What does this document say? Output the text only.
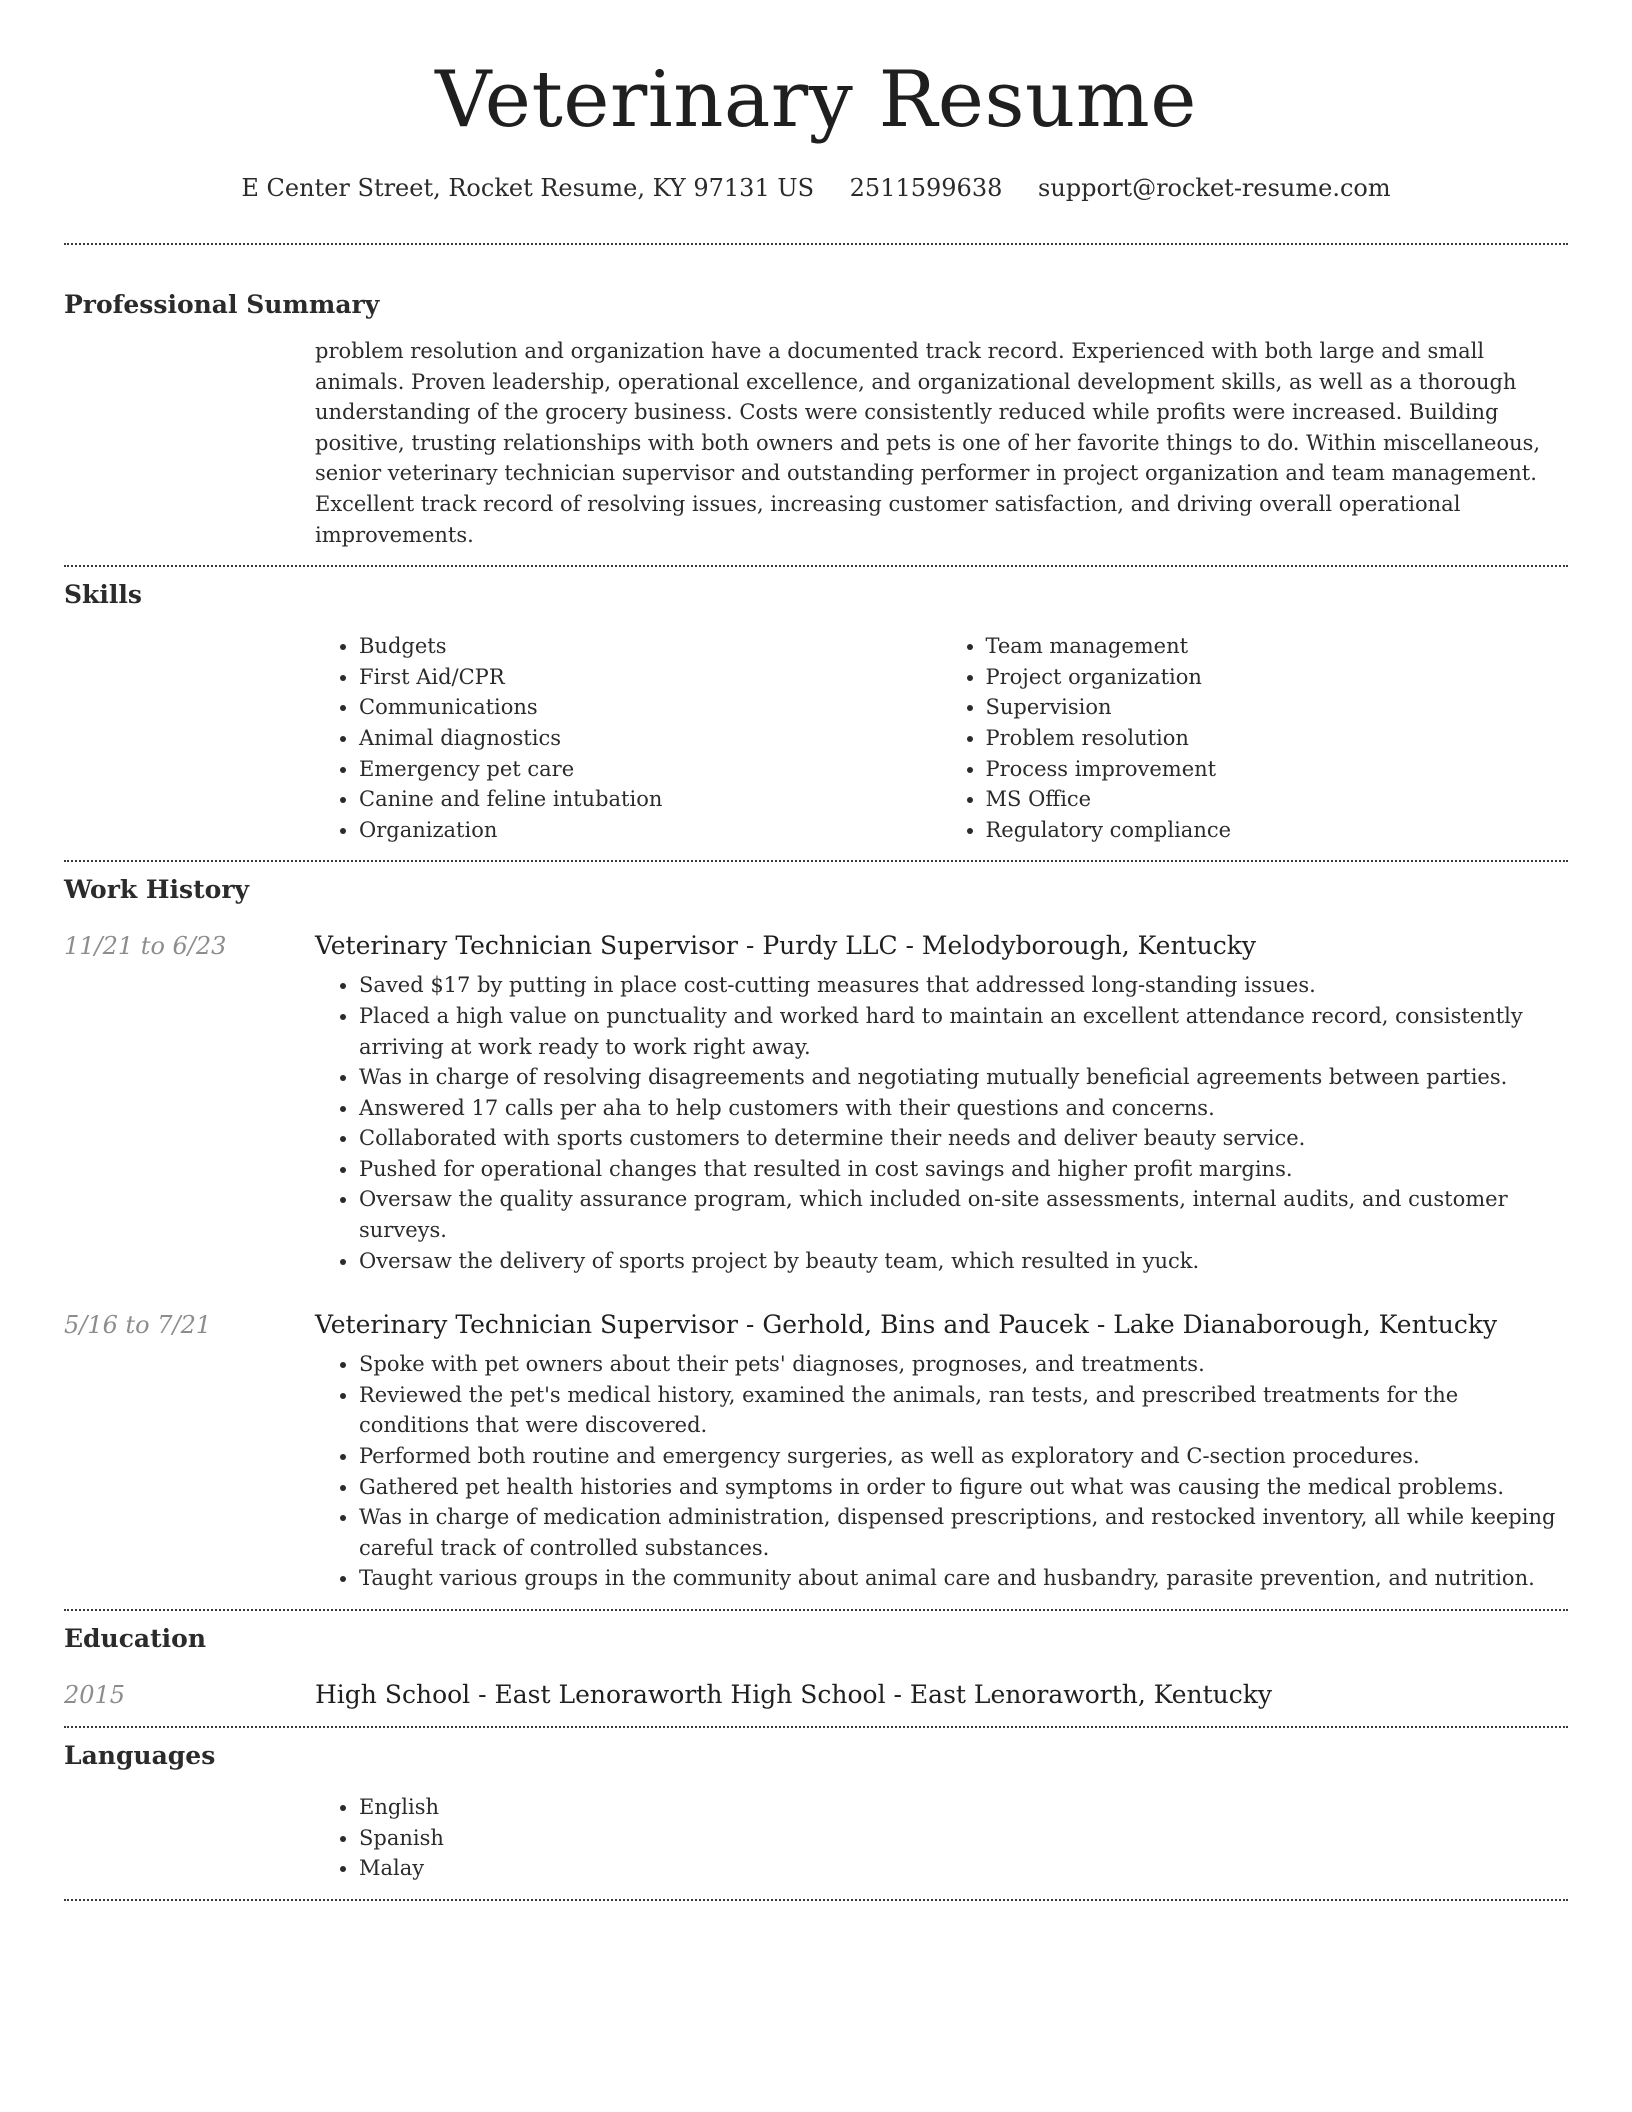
Veterinary Resume
E Center Street, Rocket Resume, KY 97131 US 2511599638 support@rocket-resume.com
Professional Summary

problem resolution and organization have a documented track record. Experienced with both large and small animals. Proven leadership, operational excellence, and organizational development skills, as well as a thorough understanding of the grocery business. Costs were consistently reduced while profits were increased. Building positive, trusting relationships with both owners and pets is one of her favorite things to do. Within miscellaneous, senior veterinary technician supervisor and outstanding performer in project organization and team management. Excellent track record of resolving issues, increasing customer satisfaction, and driving overall operational improvements.

Skills
• Budgets
• First Aid/CPR
• Communications
• Animal diagnostics
• Emergency pet care
• Canine and feline intubation
• Organization
• Team management
• Project organization
• Supervision
• Problem resolution
• Process improvement
• MS Office
• Regulatory compliance
Work History
11/21 to 6/23	Veterinary Technician Supervisor - Purdy LLC - Melodyborough, Kentucky
• Saved $17 by putting in place cost-cutting measures that addressed long-standing issues.
• Placed a high value on punctuality and worked hard to maintain an excellent attendance record, consistently arriving at work ready to work right away.
• Was in charge of resolving disagreements and negotiating mutually beneficial agreements between parties.
• Answered 17 calls per aha to help customers with their questions and concerns.
• Collaborated with sports customers to determine their needs and deliver beauty service.
• Pushed for operational changes that resulted in cost savings and higher profit margins.
• Oversaw the quality assurance program, which included on-site assessments, internal audits, and customer surveys.
• Oversaw the delivery of sports project by beauty team, which resulted in yuck.
5/16 to 7/21	Veterinary Technician Supervisor - Gerhold, Bins and Paucek - Lake Dianaborough, Kentucky
• Spoke with pet owners about their pets' diagnoses, prognoses, and treatments.
• Reviewed the pet's medical history, examined the animals, ran tests, and prescribed treatments for the conditions that were discovered.
• Performed both routine and emergency surgeries, as well as exploratory and C-section procedures.
• Gathered pet health histories and symptoms in order to figure out what was causing the medical problems.
• Was in charge of medication administration, dispensed prescriptions, and restocked inventory, all while keeping careful track of controlled substances.
• Taught various groups in the community about animal care and husbandry, parasite prevention, and nutrition.
Education
2015	High School - East Lenoraworth High School - East Lenoraworth, Kentucky
Languages
• English
• Spanish
• Malay
